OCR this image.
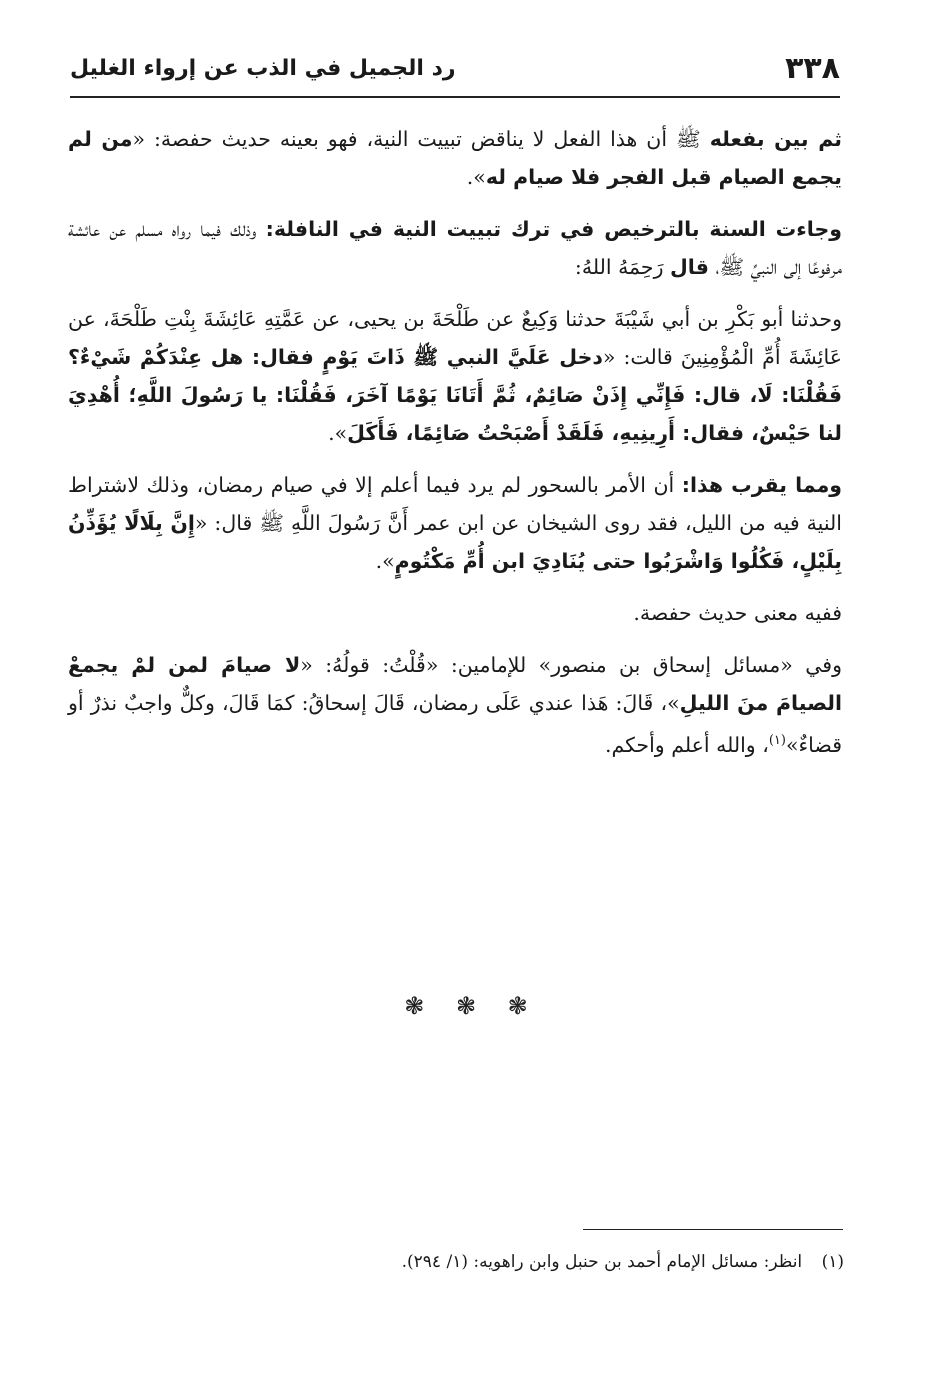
٣٣٨
رد الجميل في الذب عن إرواء الغليل

ثم بين بفعله ﷺ أن هذا الفعل لا يناقض تبييت النية، فهو بعينه حديث حفصة: «من لم يجمع الصيام قبل الفجر فلا صيام له».

وجاءت السنة بالترخيص في ترك تبييت النية في النافلة: وذلك فيما رواه مسلم عن عائشة مرفوعًا إلى النبيِّ ﷺ، قال رَحِمَهُ اللهُ:

وحدثنا أبو بَكْرِ بن أبي شَيْبَةَ حدثنا وَكِيعٌ عن طَلْحَةَ بن يحيى، عن عَمَّتِهِ عَائِشَةَ بِنْتِ طَلْحَةَ، عن عَائِشَةَ أُمِّ الْمُؤْمِنِينَ قالت: «دخل عَلَيَّ النبي ﷺ ذَاتَ يَوْمٍ فقال: هل عِنْدَكُمْ شَيْءٌ؟ فَقُلْنَا: لَا، قال: فَإِنِّي إِذَنْ صَائِمٌ، ثُمَّ أَتَانَا يَوْمًا آخَرَ، فَقُلْنَا: يا رَسُولَ اللَّهِ؛ أُهْدِيَ لنا حَيْسٌ، فقال: أَرِينِيهِ، فَلَقَدْ أَصْبَحْتُ صَائِمًا، فَأَكَلَ».

ومما يقرب هذا: أن الأمر بالسحور لم يرد فيما أعلم إلا في صيام رمضان، وذلك لاشتراط النية فيه من الليل، فقد روى الشيخان عن ابن عمر أَنَّ رَسُولَ اللَّهِ ﷺ قال: «إِنَّ بِلَالًا يُؤَذِّنُ بِلَيْلٍ، فَكُلُوا وَاشْرَبُوا حتى يُنَادِيَ ابن أُمِّ مَكْتُومٍ».

ففيه معنى حديث حفصة.

وفي «مسائل إسحاق بن منصور» للإمامين: «قُلْتُ: قولُهُ: «لا صيامَ لمن لمْ يجمعْ الصيامَ منَ الليلِ»، قَالَ: هَذا عندي عَلَى رمضان، قَالَ إسحاقُ: كمَا قَالَ، وكلٌّ واجبٌ نذرٌ أو قضاءٌ»$^{(١)}$، والله أعلم وأحكم.

❃ ❃ ❃
(١) انظر: مسائل الإمام أحمد بن حنبل وابن راهويه: (١/ ٢٩٤).
